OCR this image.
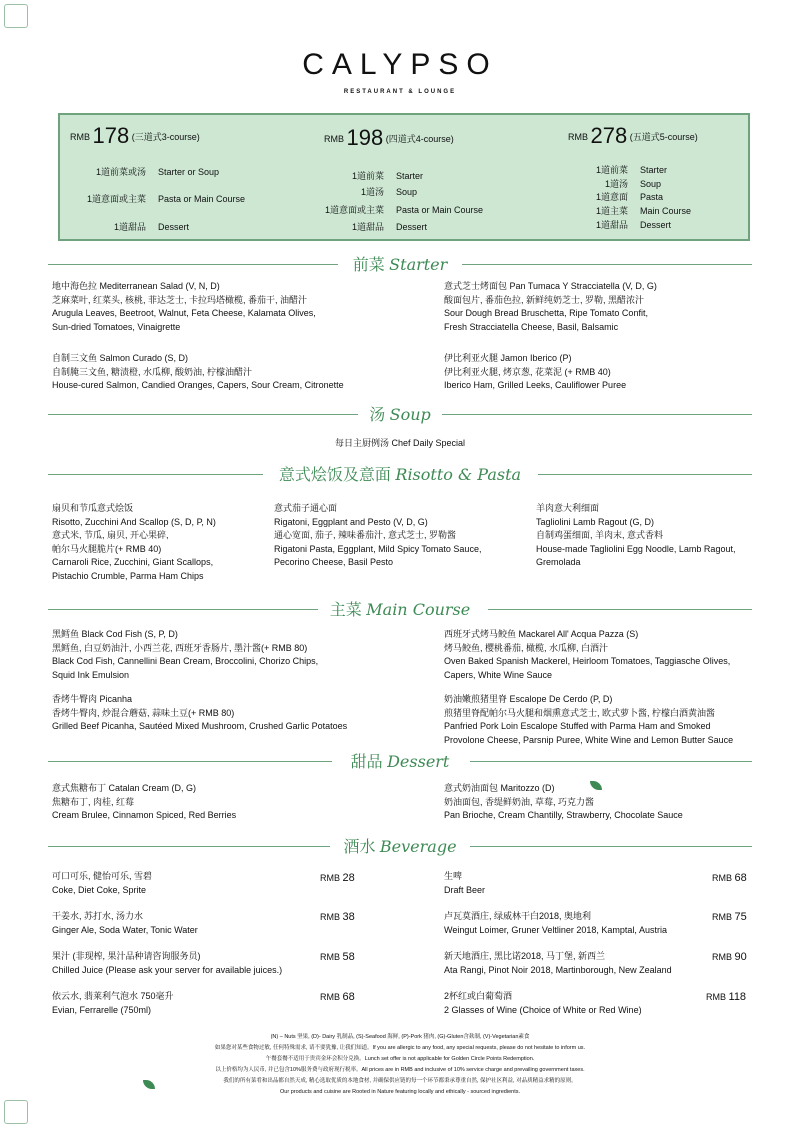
CALYPSO
RESTAURANT & LOUNGE
RMB 178 (三道式3-course)
1道前菜或汤 Starter or Soup
1道意面或主菜 Pasta or Main Course
1道甜品 Dessert
RMB 198 (四道式4-course)
1道前菜 Starter
1道汤 Soup
1道意面或主菜 Pasta or Main Course
1道甜品 Dessert
RMB 278 (五道式5-course)
1道前菜 Starter
1道汤 Soup
1道意面 Pasta
1道主菜 Main Course
1道甜品 Dessert
前菜 Starter
地中海色拉 Mediterranean Salad (V, N, D)
芝麻菜叶, 红菜头, 核桃, 菲达芝士, 卡拉玛塔橄榄, 番茄干, 油醋汁
Arugula Leaves, Beetroot, Walnut, Feta Cheese, Kalamata Olives,
Sun-dried Tomatoes, Vinaigrette
意式芝士烤面包 Pan Tumaca Y Stracciatella (V, D, G)
酸面包片, 番茄色拉, 新鲜纯奶芝士, 罗勒, 黑醋浓汁
Sour Dough Bread Bruschetta, Ripe Tomato Confit,
Fresh Stracciatella Cheese, Basil, Balsamic
自制三文鱼 Salmon Curado (S, D)
自制腌三文鱼, 糖渍橙, 水瓜柳, 酸奶油, 柠檬油醋汁
House-cured Salmon, Candied Oranges, Capers, Sour Cream, Citronette
伊比利亚火腿 Jamon Iberico (P)
伊比利亚火腿, 烤京葱, 花菜泥 (+ RMB 40)
Iberico Ham, Grilled Leeks, Cauliflower Puree
汤 Soup
每日主厨例汤 Chef Daily Special
意式烩饭及意面 Risotto & Pasta
扇贝和节瓜意式烩饭
Risotto, Zucchini And Scallop (S, D, P, N)
意式米, 节瓜, 扇贝, 开心果碎,
帕尔马火腿脆片(+ RMB 40)
Carnaroli Rice, Zucchini, Giant Scallops,
Pistachio Crumble, Parma Ham Chips
意式茄子通心面
Rigatoni, Eggplant and Pesto (V, D, G)
通心宽面, 茄子, 辣味番茄汁, 意式芝士, 罗勒酱
Rigatoni Pasta, Eggplant, Mild Spicy Tomato Sauce,
Pecorino Cheese, Basil Pesto
羊肉意大利细面
Tagliolini Lamb Ragout (G, D)
自制鸡蛋细面, 羊肉末, 意式香料
House-made Tagliolini Egg Noodle, Lamb Ragout,
Gremolada
主菜 Main Course
黑鳕鱼 Black Cod Fish (S, P, D)
黑鳕鱼, 白豆奶油汁, 小西兰花, 西班牙香肠片, 墨汁酱(+ RMB 80)
Black Cod Fish, Cannellini Bean Cream, Broccolini, Chorizo Chips,
Squid Ink Emulsion
西班牙式烤马鲛鱼 Mackarel All' Acqua Pazza (S)
烤马鲛鱼, 樱桃番茄, 橄榄, 水瓜柳, 白酒汁
Oven Baked Spanish Mackerel, Heirloom Tomatoes, Taggiasche Olives,
Capers, White Wine Sauce
香烤牛臀肉 Picanha
香烤牛臀肉, 炒混合蘑菇, 蒜味土豆(+ RMB 80)
Grilled Beef Picanha, Sautéed Mixed Mushroom, Crushed Garlic Potatoes
奶油嫩煎猪里脊 Escalope De Cerdo (P, D)
煎猪里脊配帕尔马火腿和烟熏意式芝士, 欧式萝卜酱, 柠檬白酒黄油酱
Panfried Pork Loin Escalope Stuffed with Parma Ham and Smoked
Provolone Cheese, Parsnip Puree, White Wine and Lemon Butter Sauce
甜品 Dessert
意式焦糖布丁 Catalan Cream (D, G)
焦糖布丁, 肉桂, 红莓
Cream Brulee, Cinnamon Spiced, Red Berries
意式奶油面包 Maritozzo (D)
奶油面包, 香缇鲜奶油, 草莓, 巧克力酱
Pan Brioche, Cream Chantilly, Strawberry, Chocolate Sauce
酒水 Beverage
可口可乐, 健怡可乐, 雪碧
Coke, Diet Coke, Sprite
RMB 28
干姜水, 苏打水, 汤力水
Ginger Ale, Soda Water, Tonic Water
RMB 38
果汁 (非现榨, 果汁品种请咨询服务员)
Chilled Juice (Please ask your server for available juices.)
RMB 58
依云水, 翡莱利气泡水 750毫升
Evian, Ferrarelle (750ml)
RMB 68
生啤
Draft Beer
RMB 68
卢瓦莫酒庄, 绿威林干白2018, 奥地利
Weingut Loimer, Gruner Veltliner 2018, Kamptal, Austria
RMB 75
新天地酒庄, 黑比诺2018, 马丁堡, 新西兰
Ata Rangi, Pinot Noir 2018, Martinborough, New Zealand
RMB 90
2杯红或白葡萄酒
2 Glasses of Wine (Choice of White or Red Wine)
RMB 118
(N) – Nuts 坚果, (D)- Dairy 乳制品, (S)-Seafood 海鲜, (P)-Pork 猪肉, (G)-Gluten含麸制, (V)-Vegetarian素食
如果您对某些食物过敏, 任何特殊需求, 请不要犹豫, 让我们知道。If you are allergic to any food, any special requests, please do not hesitate to inform us.
午餐套餐不适用于贵宾金环会积分兑换。Lunch set offer is not applicable for Golden Circle Points Redemption.
以上价格均为人民币, 并已包含10%服务费与政府现行税率。All prices are in RMB and inclusive of 10% service charge and prevailing government taxes.
我们的所有菜肴和出品都自然天成, 精心选取优质的本地食材, 并确保供应链的每一个环节都秉承尊重自然, 保护社区利益, 对品质精益求精的原则。
Our products and cuisine are Rooted in Nature featuring locally and ethically - sourced ingredients.
